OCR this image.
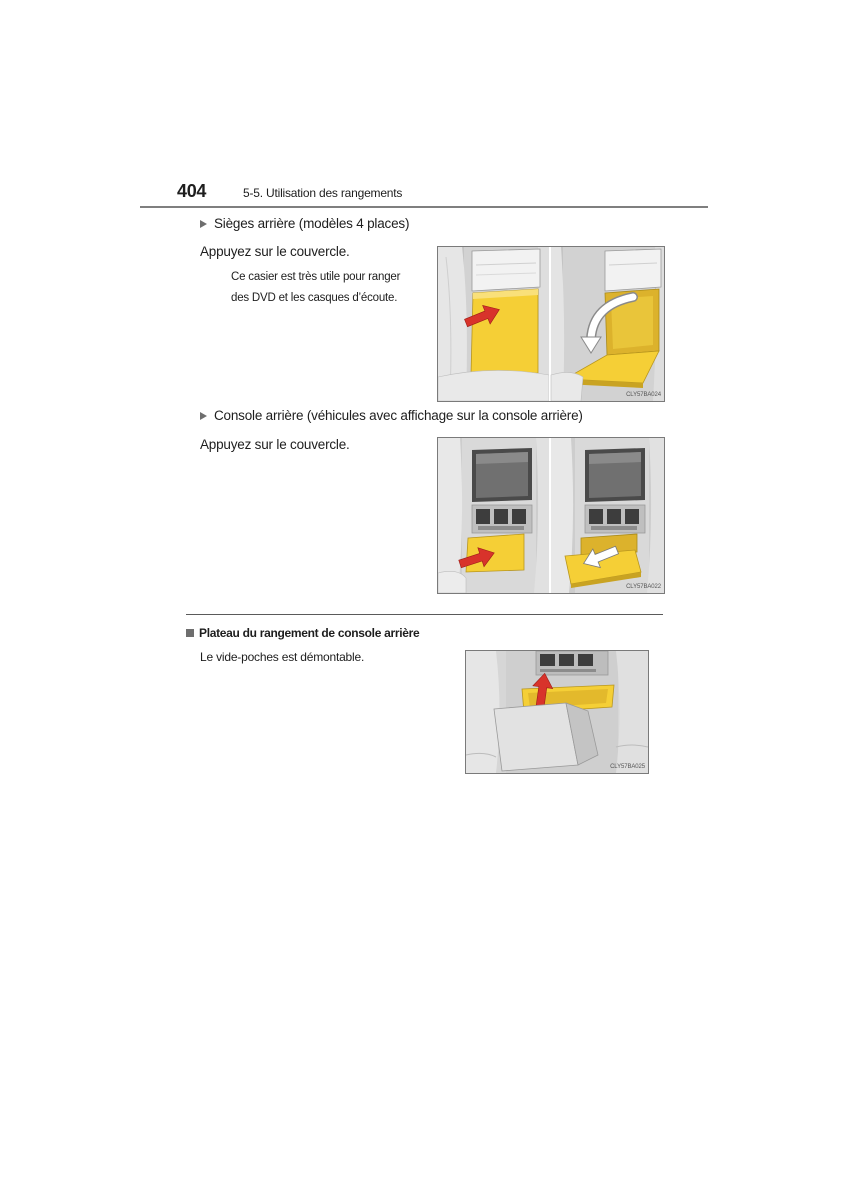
404	5-5. Utilisation des rangements
Sièges arrière (modèles 4 places)
Appuyez sur le couvercle.
Ce casier est très utile pour ranger
des DVD et les casques d’écoute.
CLY57BA024
Console arrière (véhicules avec affichage sur la console arrière)
Appuyez sur le couvercle.
CLY57BA022
Plateau du rangement de console arrière
Le vide-poches est démontable.
CLY57BA025
